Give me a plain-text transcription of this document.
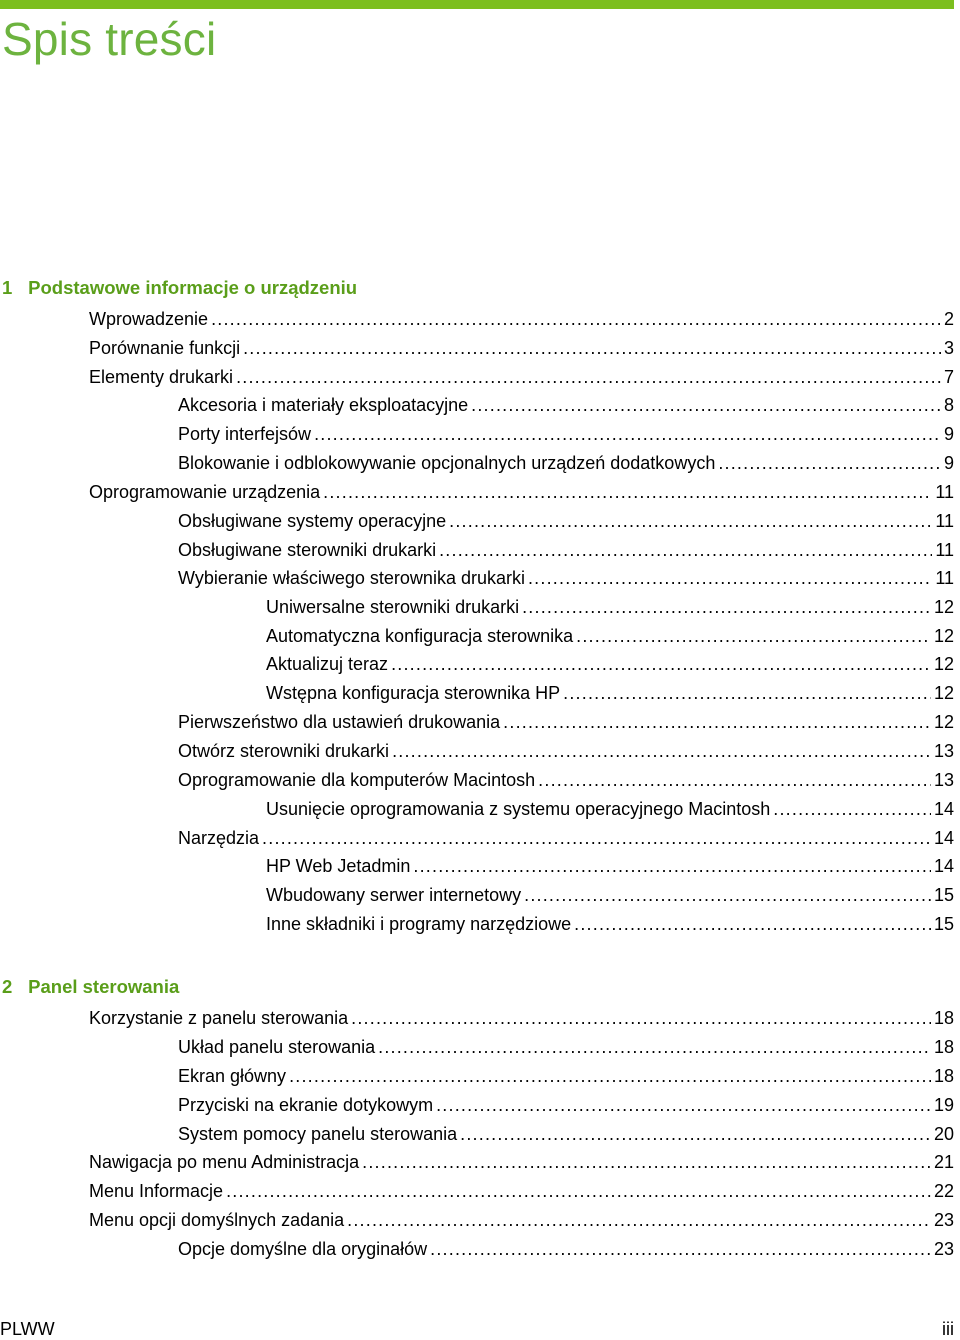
Spis treści
1 Podstawowe informacje o urządzeniu
Wprowadzenie .....	2
Porównanie funkcji .....	3
Elementy drukarki .....	7
Akcesoria i materiały eksploatacyjne .....	8
Porty interfejsów .....	9
Blokowanie i odblokowywanie opcjonalnych urządzeń dodatkowych .....	9
Oprogramowanie urządzenia .....	11
Obsługiwane systemy operacyjne .....	11
Obsługiwane sterowniki drukarki .....	11
Wybieranie właściwego sterownika drukarki .....	11
Uniwersalne sterowniki drukarki .....	12
Automatyczna konfiguracja sterownika .....	12
Aktualizuj teraz .....	12
Wstępna konfiguracja sterownika HP .....	12
Pierwszeństwo dla ustawień drukowania .....	12
Otwórz sterowniki drukarki .....	13
Oprogramowanie dla komputerów Macintosh .....	13
Usunięcie oprogramowania z systemu operacyjnego Macintosh .....	14
Narzędzia .....	14
HP Web Jetadmin .....	14
Wbudowany serwer internetowy .....	15
Inne składniki i programy narzędziowe .....	15
2 Panel sterowania
Korzystanie z panelu sterowania .....	18
Układ panelu sterowania .....	18
Ekran główny .....	18
Przyciski na ekranie dotykowym .....	19
System pomocy panelu sterowania .....	20
Nawigacja po menu Administracja .....	21
Menu Informacje .....	22
Menu opcji domyślnych zadania .....	23
Opcje domyślne dla oryginałów .....	23
PLWW	iii
